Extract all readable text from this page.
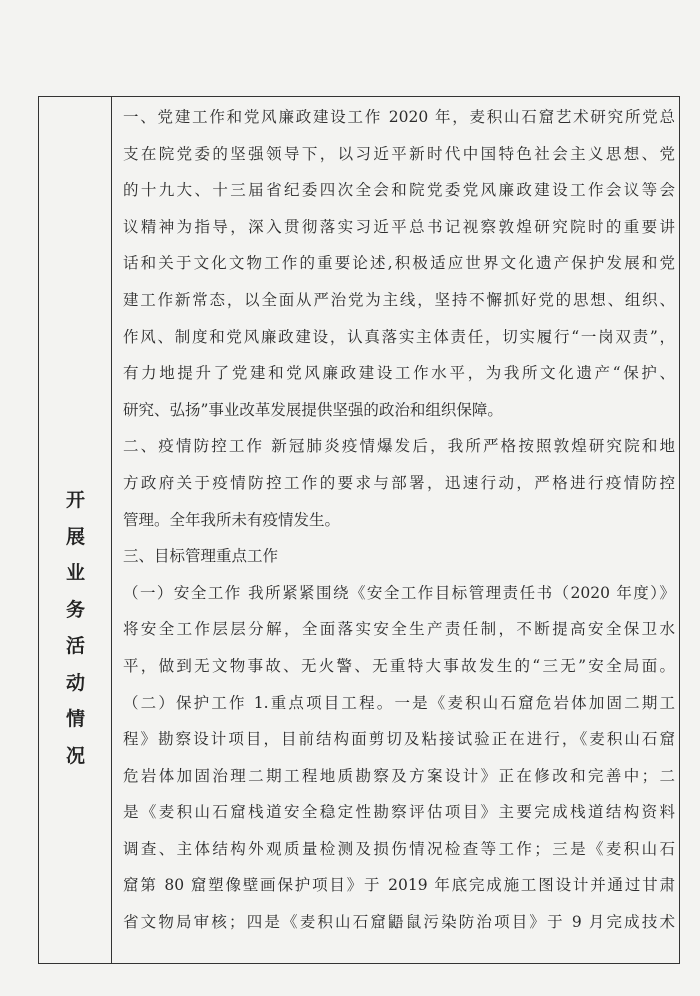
开
展
业
务
活
动
情
况
一、党建工作和党风廉政建设工作 2020 年，麦积山石窟艺术研究所党总
支在院党委的坚强领导下，以习近平新时代中国特色社会主义思想、党
的十九大、十三届省纪委四次全会和院党委党风廉政建设工作会议等会
议精神为指导，深入贯彻落实习近平总书记视察敦煌研究院时的重要讲
话和关于文化文物工作的重要论述,积极适应世界文化遗产保护发展和党
建工作新常态，以全面从严治党为主线，坚持不懈抓好党的思想、组织、
作风、制度和党风廉政建设，认真落实主体责任，切实履行“一岗双责”，
有力地提升了党建和党风廉政建设工作水平，为我所文化遗产“保护、
研究、弘扬”事业改革发展提供坚强的政治和组织保障。
二、疫情防控工作 新冠肺炎疫情爆发后，我所严格按照敦煌研究院和地
方政府关于疫情防控工作的要求与部署，迅速行动，严格进行疫情防控
管理。全年我所未有疫情发生。
三、目标管理重点工作
（一）安全工作 我所紧紧围绕《安全工作目标管理责任书（2020 年度）》
将安全工作层层分解，全面落实安全生产责任制，不断提高安全保卫水
平，做到无文物事故、无火警、无重特大事故发生的“三无”安全局面。
（二）保护工作 1.重点项目工程。一是《麦积山石窟危岩体加固二期工
程》勘察设计项目，目前结构面剪切及粘接试验正在进行，《麦积山石窟
危岩体加固治理二期工程地质勘察及方案设计》正在修改和完善中；二
是《麦积山石窟栈道安全稳定性勘察评估项目》主要完成栈道结构资料
调查、主体结构外观质量检测及损伤情况检查等工作；三是《麦积山石
窟第 80 窟塑像壁画保护项目》于 2019 年底完成施工图设计并通过甘肃
省文物局审核；四是《麦积山石窟鼯鼠污染防治项目》于 9 月完成技术
